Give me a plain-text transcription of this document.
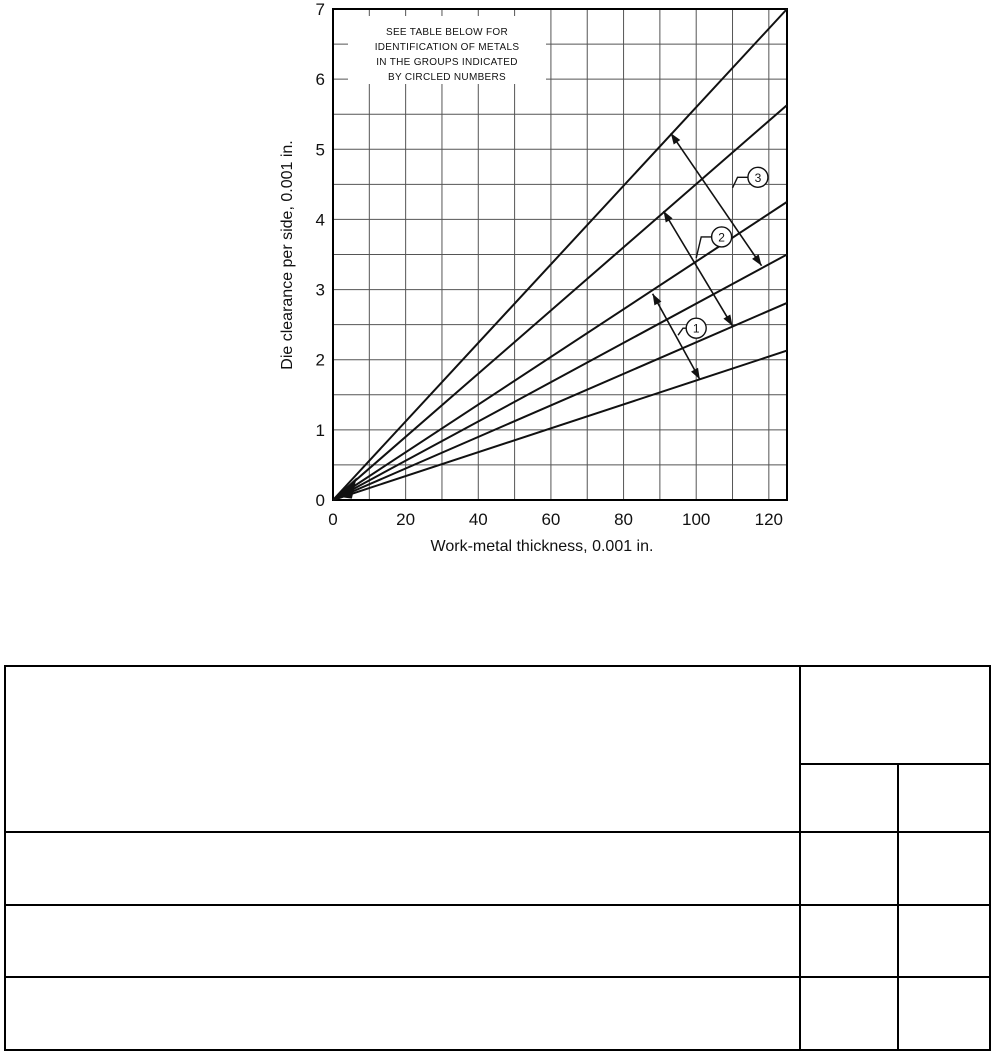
1
2
3
0	20	40	60	80	100	120
0
1
2
3
4
5
6
7
SEE TABLE BELOW FOR
IDENTIFICATION OF METALS
IN THE GROUPS INDICATED
BY CIRCLED NUMBERS
Work-metal thickness, 0.001 in.
Die clearance per side, 0.001 in.
